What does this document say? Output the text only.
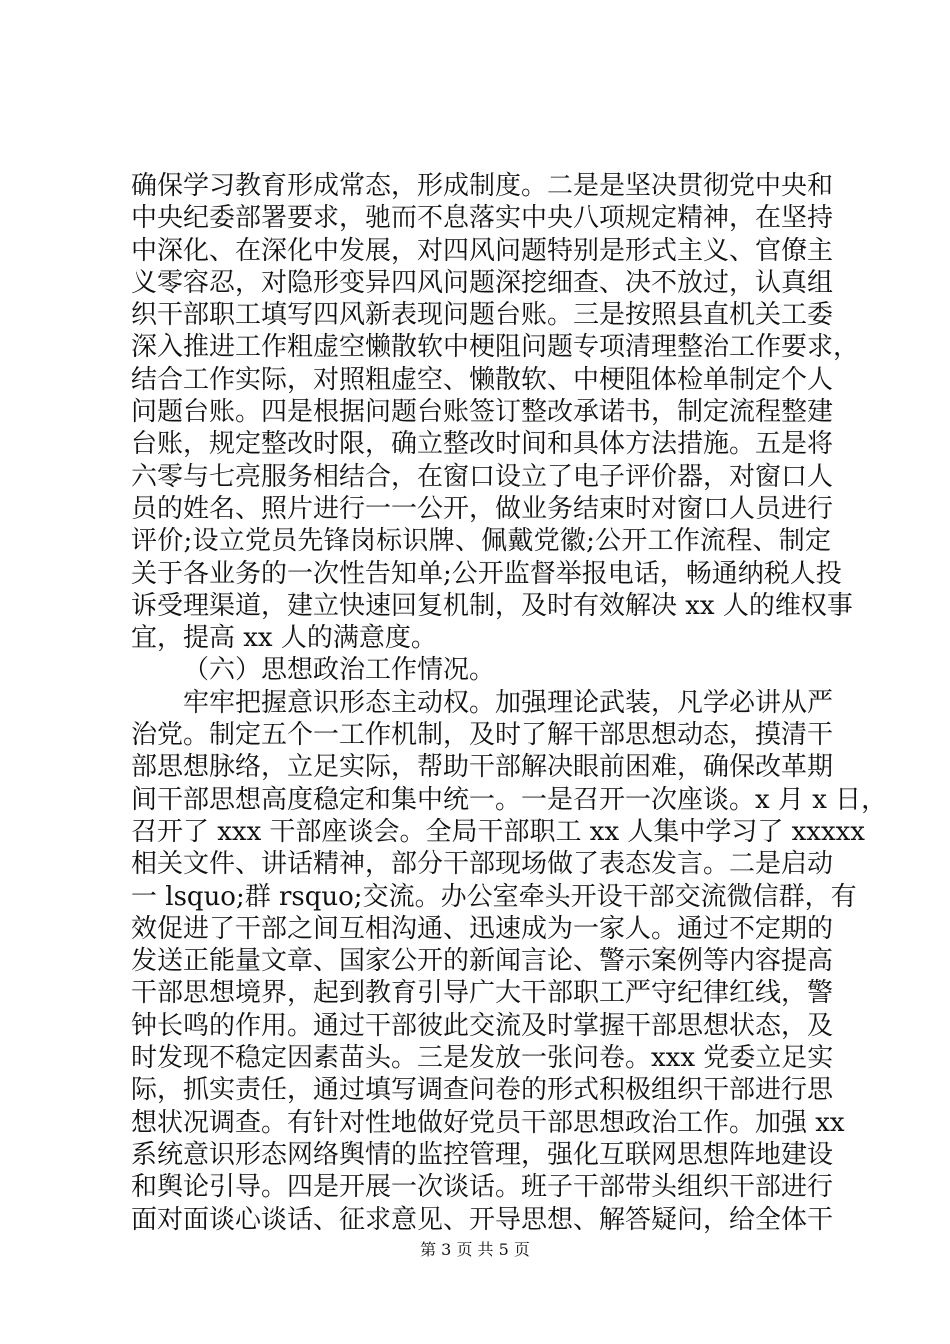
确保学习教育形成常态，形成制度。二是是坚决贯彻党中央和
中央纪委部署要求，驰而不息落实中央八项规定精神，在坚持
中深化、在深化中发展，对四风问题特别是形式主义、官僚主
义零容忍，对隐形变异四风问题深挖细查、决不放过，认真组
织干部职工填写四风新表现问题台账。三是按照县直机关工委
深入推进工作粗虚空懒散软中梗阻问题专项清理整治工作要求，
结合工作实际，对照粗虚空、懒散软、中梗阻体检单制定个人
问题台账。四是根据问题台账签订整改承诺书，制定流程整建
台账，规定整改时限，确立整改时间和具体方法措施。五是将
六零与七亮服务相结合，在窗口设立了电子评价器，对窗口人
员的姓名、照片进行一一公开，做业务结束时对窗口人员进行
评价;设立党员先锋岗标识牌、佩戴党徽;公开工作流程、制定
关于各业务的一次性告知单;公开监督举报电话，畅通纳税人投
诉受理渠道，建立快速回复机制，及时有效解决 xx 人的维权事
宜，提高 xx 人的满意度。
（六）思想政治工作情况。
牢牢把握意识形态主动权。加强理论武装，凡学必讲从严
治党。制定五个一工作机制，及时了解干部思想动态，摸清干
部思想脉络，立足实际，帮助干部解决眼前困难，确保改革期
间干部思想高度稳定和集中统一。一是召开一次座谈。x 月 x 日，
召开了 xxx 干部座谈会。全局干部职工 xx 人集中学习了 xxxxx
相关文件、讲话精神，部分干部现场做了表态发言。二是启动
一 lsquo;群 rsquo;交流。办公室牵头开设干部交流微信群，有
效促进了干部之间互相沟通、迅速成为一家人。通过不定期的
发送正能量文章、国家公开的新闻言论、警示案例等内容提高
干部思想境界，起到教育引导广大干部职工严守纪律红线，警
钟长鸣的作用。通过干部彼此交流及时掌握干部思想状态，及
时发现不稳定因素苗头。三是发放一张问卷。xxx 党委立足实
际，抓实责任，通过填写调查问卷的形式积极组织干部进行思
想状况调查。有针对性地做好党员干部思想政治工作。加强 xx
系统意识形态网络舆情的监控管理，强化互联网思想阵地建设
和舆论引导。四是开展一次谈话。班子干部带头组织干部进行
面对面谈心谈话、征求意见、开导思想、解答疑问，给全体干
第 3 页 共 5 页
